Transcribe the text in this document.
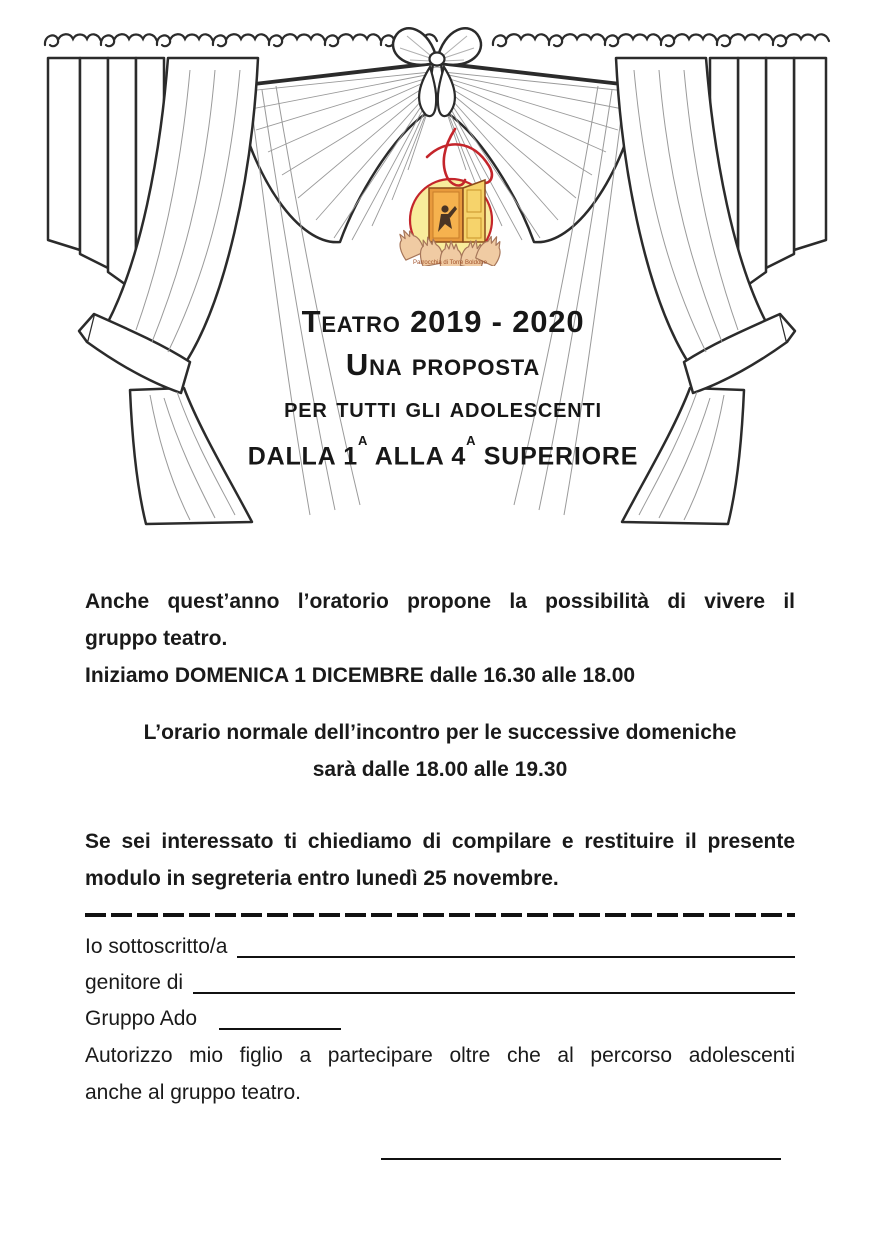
Parrocchia di Torre Boldone
Teatro 2019 - 2020
Una proposta
per tutti gli adolescenti
DALLA $1^A$ ALLA $4^A$ SUPERIORE
Anche quest’anno l’oratorio propone la possibilità di vivere il
gruppo teatro.
Iniziamo DOMENICA 1 DICEMBRE dalle 16.30 alle 18.00
L’orario normale dell’incontro per le successive domeniche
sarà dalle 18.00 alle 19.30
Se sei interessato ti chiediamo di compilare e restituire il presente
modulo in segreteria entro lunedì 25 novembre.
Io sottoscritto/a
genitore di
Gruppo Ado
Autorizzo mio figlio a partecipare oltre che al percorso adolescenti
anche al gruppo teatro.
